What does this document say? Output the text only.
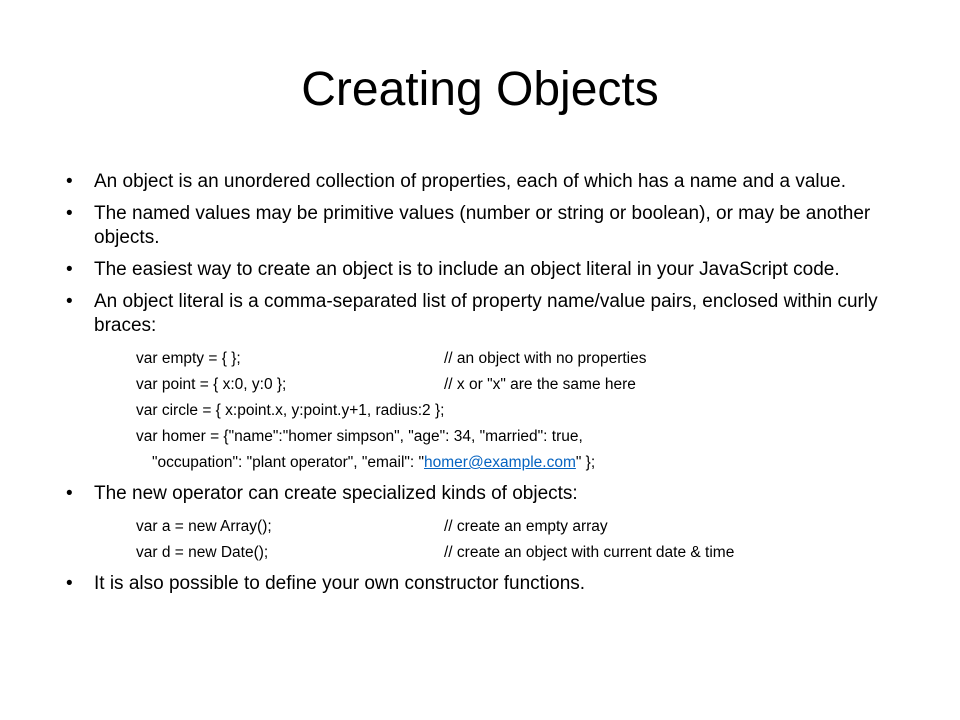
Creating Objects
•	An object is an unordered collection of properties, each of which has a name and a value.
•	The named values may be primitive values (number or string or boolean), or may be another objects.
•	The easiest way to create an object is to include an object literal in your JavaScript code.
•	An object literal is a comma-separated list of property name/value pairs, enclosed within curly braces:
var empty = { };	// an object with no properties
var point = { x:0, y:0 };	// x or "x" are the same here
var circle = { x:point.x, y:point.y+1, radius:2 };
var homer = {"name":"homer simpson", "age": 34, "married": true,
"occupation": "plant operator", "email": "homer@example.com" };
•	The new operator can create specialized kinds of objects:
var a = new Array();	// create an empty array
var d = new Date();	// create an object with current date & time
•	It is also possible to define your own constructor functions.
